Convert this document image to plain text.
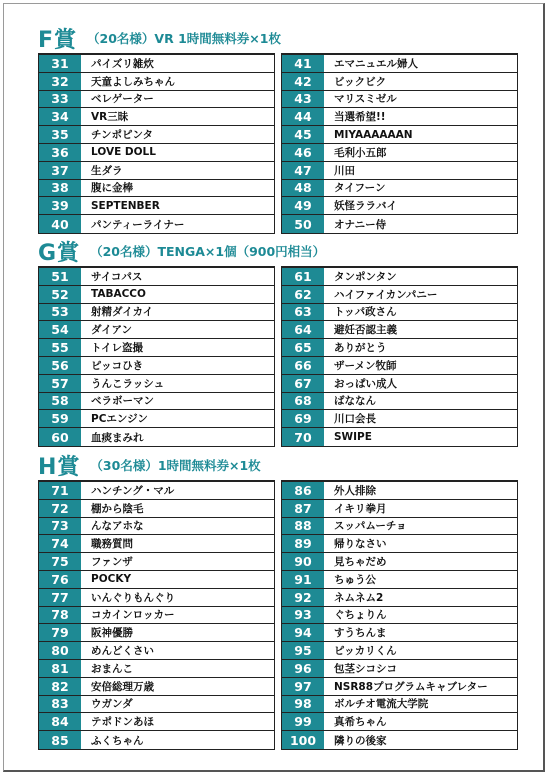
F賞 （20名様）VR 1時間無料券×1枚
31	パイズリ雑炊
32	天童よしみちゃん
33	ベレゲーター
34	VR三昧
35	チンポピンタ
36	LOVE DOLL
37	生ダラ
38	腹に金棒
39	SEPTENBER
40	パンティーライナー
41	エマニュエル婦人
42	ビックビク
43	マリスミゼル
44	当選希望!!
45	MIYAAAAAAN
46	毛利小五郎
47	川田
48	タイフーン
49	妖怪ララバイ
50	オナニー侍
G賞 （20名様）TENGA×1個（900円相当）
51	サイコパス
52	TABACCO
53	射精ダイカイ
54	ダイアン
55	トイレ盗撮
56	ピッコひき
57	うんこラッシュ
58	ベラボーマン
59	PCエンジン
60	血痰まみれ
61	タンポンタン
62	ハイファイカンパニー
63	トッパ政さん
64	避妊否認主義
65	ありがとう
66	ザーメン牧師
67	おっぱい成人
68	ばななん
69	川口会長
70	SWIPE
H賞 （30名様）1時間無料券×1枚
71	ハンチング・マル
72	棚から陰毛
73	んなアホな
74	職務質問
75	ファンザ
76	POCKY
77	いんぐりもんぐり
78	コカインロッカー
79	阪神優勝
80	めんどくさい
81	おまんこ
82	安倍総理万歳
83	ウガンダ
84	テポドンあほ
85	ふくちゃん
86	外人排除
87	イキリ拳月
88	スッパムーチョ
89	帰りなさい
90	見ちゃだめ
91	ちゅう公
92	ネムネム2
93	ぐちょりん
94	すうちんま
95	ピッカリくん
96	包茎シコシコ
97	NSR88プログラムキャブレター
98	ボルチオ電流大学院
99	真希ちゃん
100	隣りの後家
